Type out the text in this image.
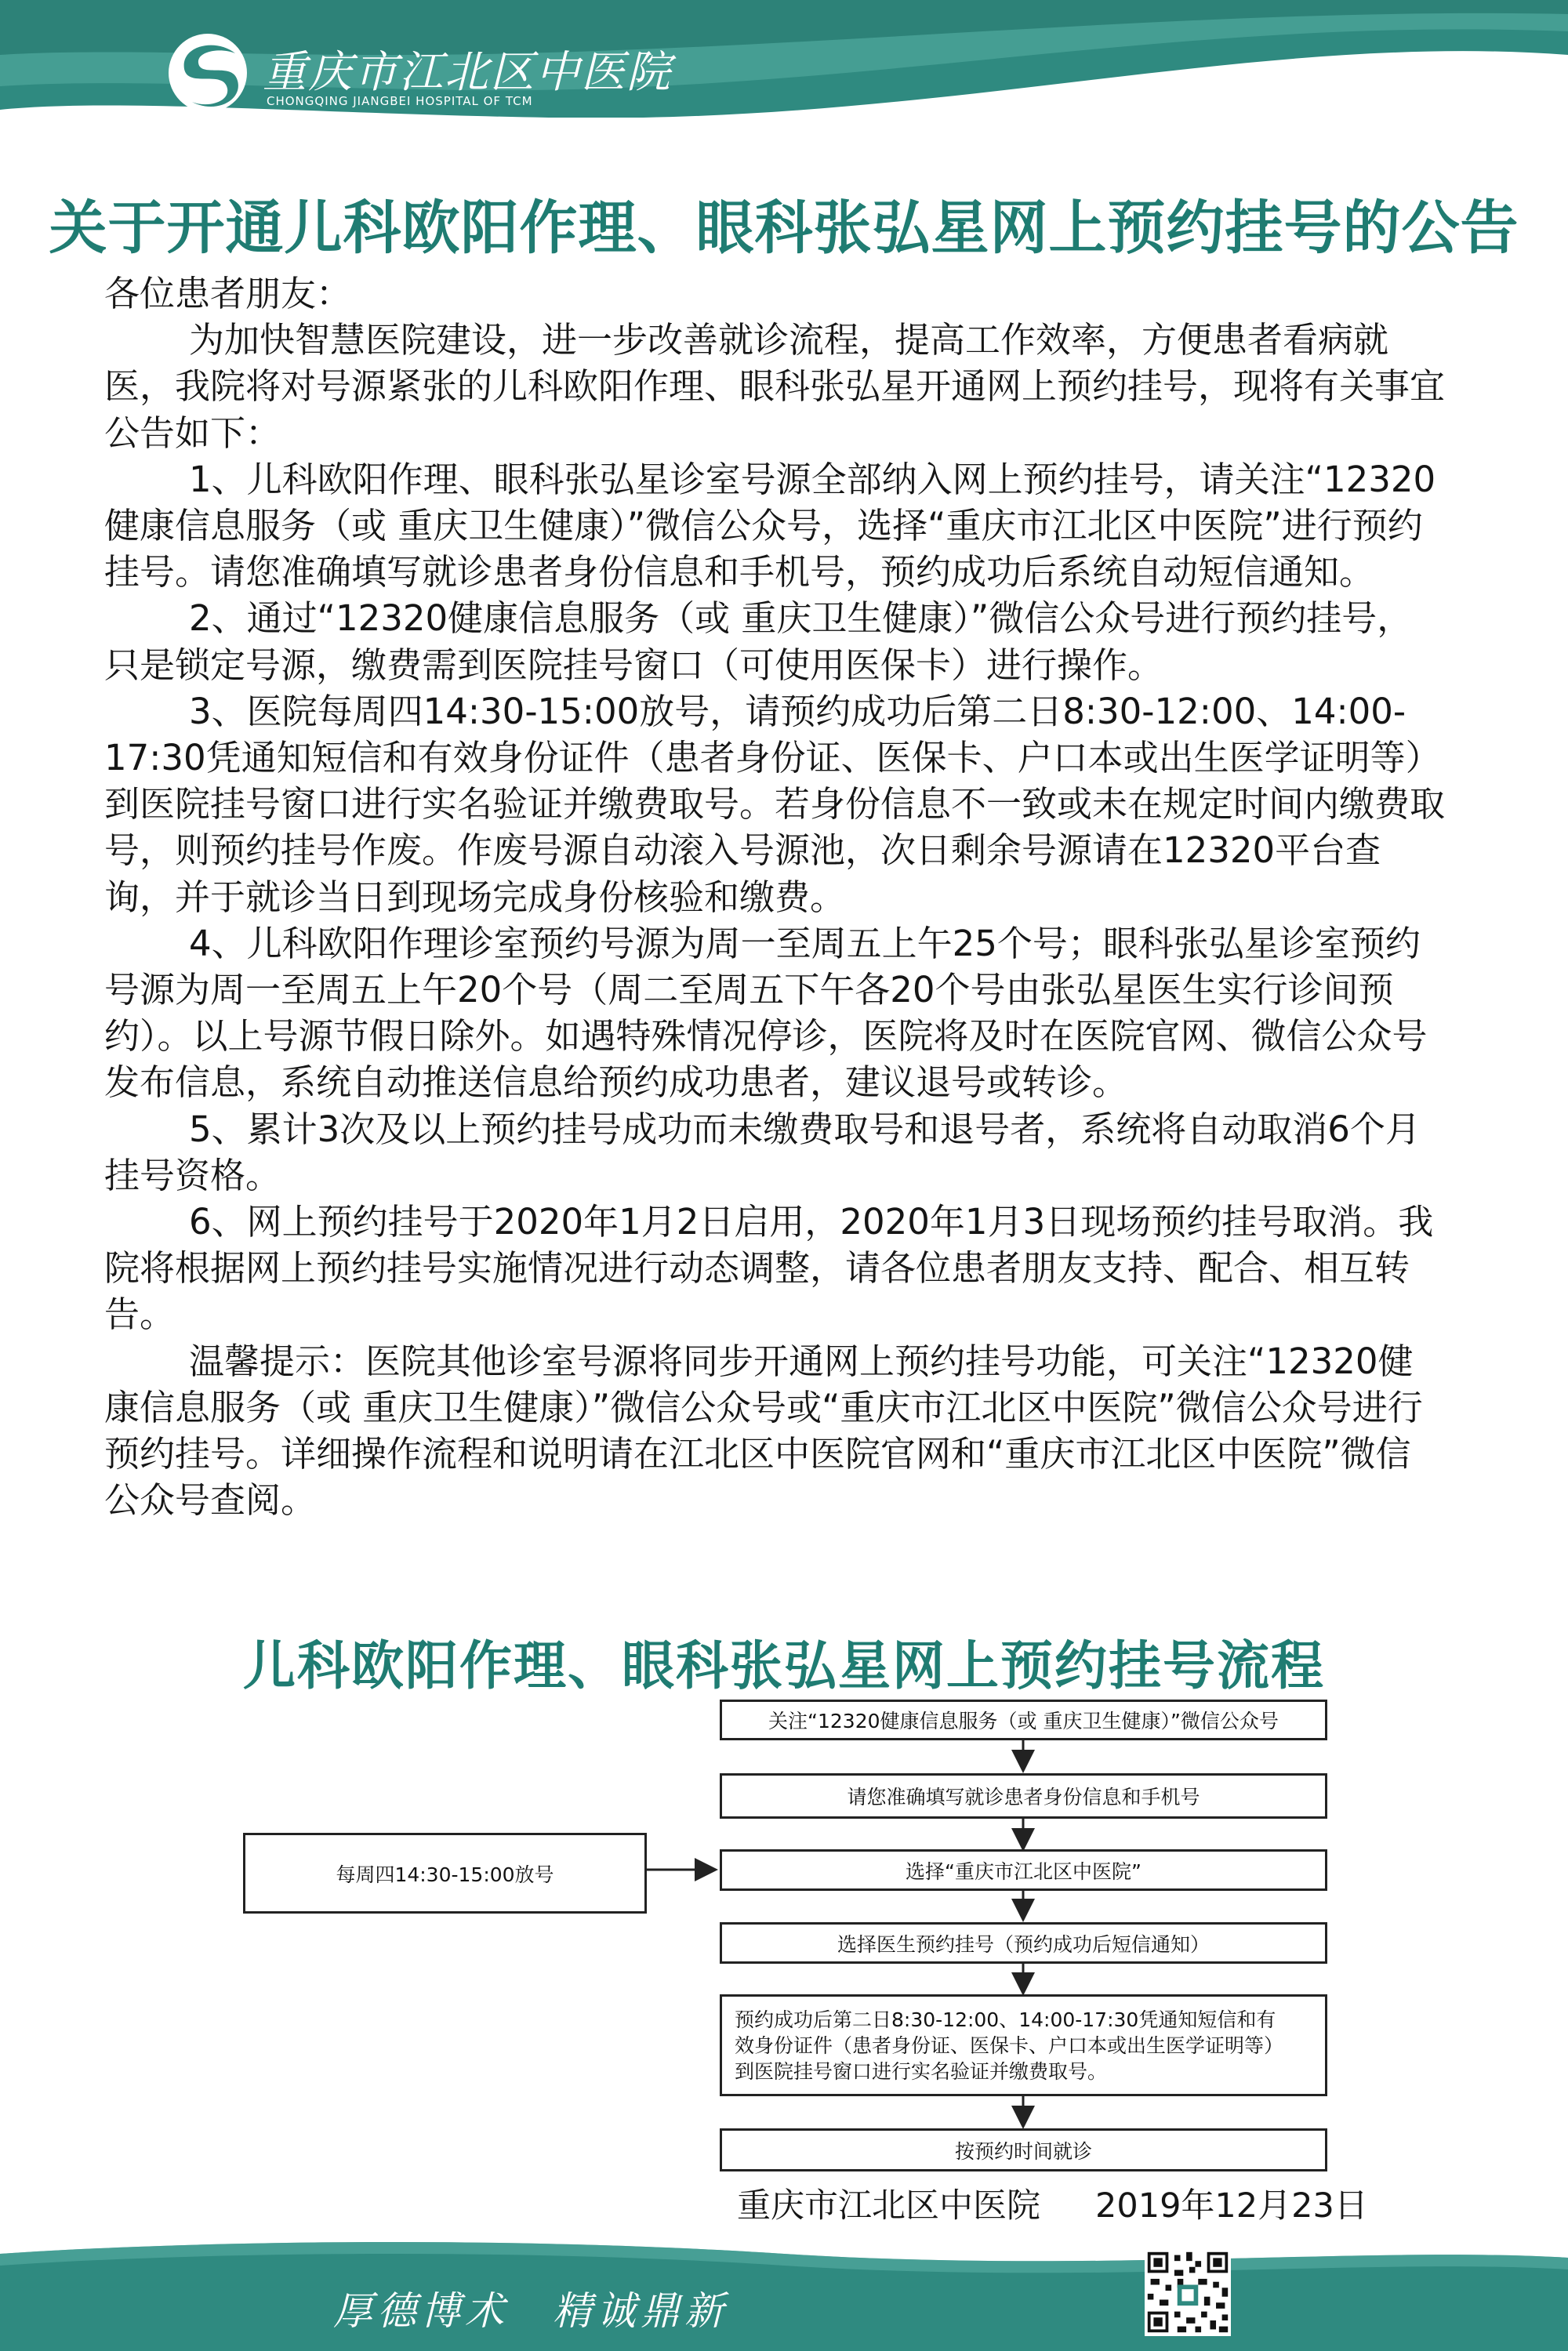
重庆市江北区中医院
CHONGQING JIANGBEI HOSPITAL OF TCM
关于开通儿科欧阳作理、眼科张弘星网上预约挂号的公告

各位患者朋友：

为加快智慧医院建设，进一步改善就诊流程，提高工作效率，方便患者看病就医，我院将对号源紧张的儿科欧阳作理、眼科张弘星开通网上预约挂号，现将有关事宜公告如下：

1、儿科欧阳作理、眼科张弘星诊室号源全部纳入网上预约挂号，请关注“12320健康信息服务（或 重庆卫生健康）”微信公众号，选择“重庆市江北区中医院”进行预约挂号。请您准确填写就诊患者身份信息和手机号，预约成功后系统自动短信通知。

2、通过“12320健康信息服务（或 重庆卫生健康）”微信公众号进行预约挂号，只是锁定号源，缴费需到医院挂号窗口（可使用医保卡）进行操作。

3、医院每周四14:30-15:00放号，请预约成功后第二日8:30-12:00、14:00-17:30凭通知短信和有效身份证件（患者身份证、医保卡、户口本或出生医学证明等）到医院挂号窗口进行实名验证并缴费取号。若身份信息不一致或未在规定时间内缴费取号，则预约挂号作废。作废号源自动滚入号源池，次日剩余号源请在12320平台查询，并于就诊当日到现场完成身份核验和缴费。

4、儿科欧阳作理诊室预约号源为周一至周五上午25个号；眼科张弘星诊室预约号源为周一至周五上午20个号（周二至周五下午各20个号由张弘星医生实行诊间预约）。以上号源节假日除外。如遇特殊情况停诊，医院将及时在医院官网、微信公众号发布信息，系统自动推送信息给预约成功患者，建议退号或转诊。

5、累计3次及以上预约挂号成功而未缴费取号和退号者，系统将自动取消6个月挂号资格。

6、网上预约挂号于2020年1月2日启用，2020年1月3日现场预约挂号取消。我院将根据网上预约挂号实施情况进行动态调整，请各位患者朋友支持、配合、相互转告。

温馨提示：医院其他诊室号源将同步开通网上预约挂号功能，可关注“12320健康信息服务（或 重庆卫生健康）”微信公众号或“重庆市江北区中医院”微信公众号进行预约挂号。详细操作流程和说明请在江北区中医院官网和“重庆市江北区中医院”微信公众号查阅。

儿科欧阳作理、眼科张弘星网上预约挂号流程
关注“12320健康信息服务（或 重庆卫生健康）”微信公众号
请您准确填写就诊患者身份信息和手机号
选择“重庆市江北区中医院”
选择医生预约挂号（预约成功后短信通知）
预约成功后第二日8:30-12:00、14:00-17:30凭通知短信和有
效身份证件（患者身份证、医保卡、户口本或出生医学证明等）
到医院挂号窗口进行实名验证并缴费取号。
按预约时间就诊
每周四14:30-15:00放号
重庆市江北区中医院 2019年12月23日
厚德博术　精诚鼎新
